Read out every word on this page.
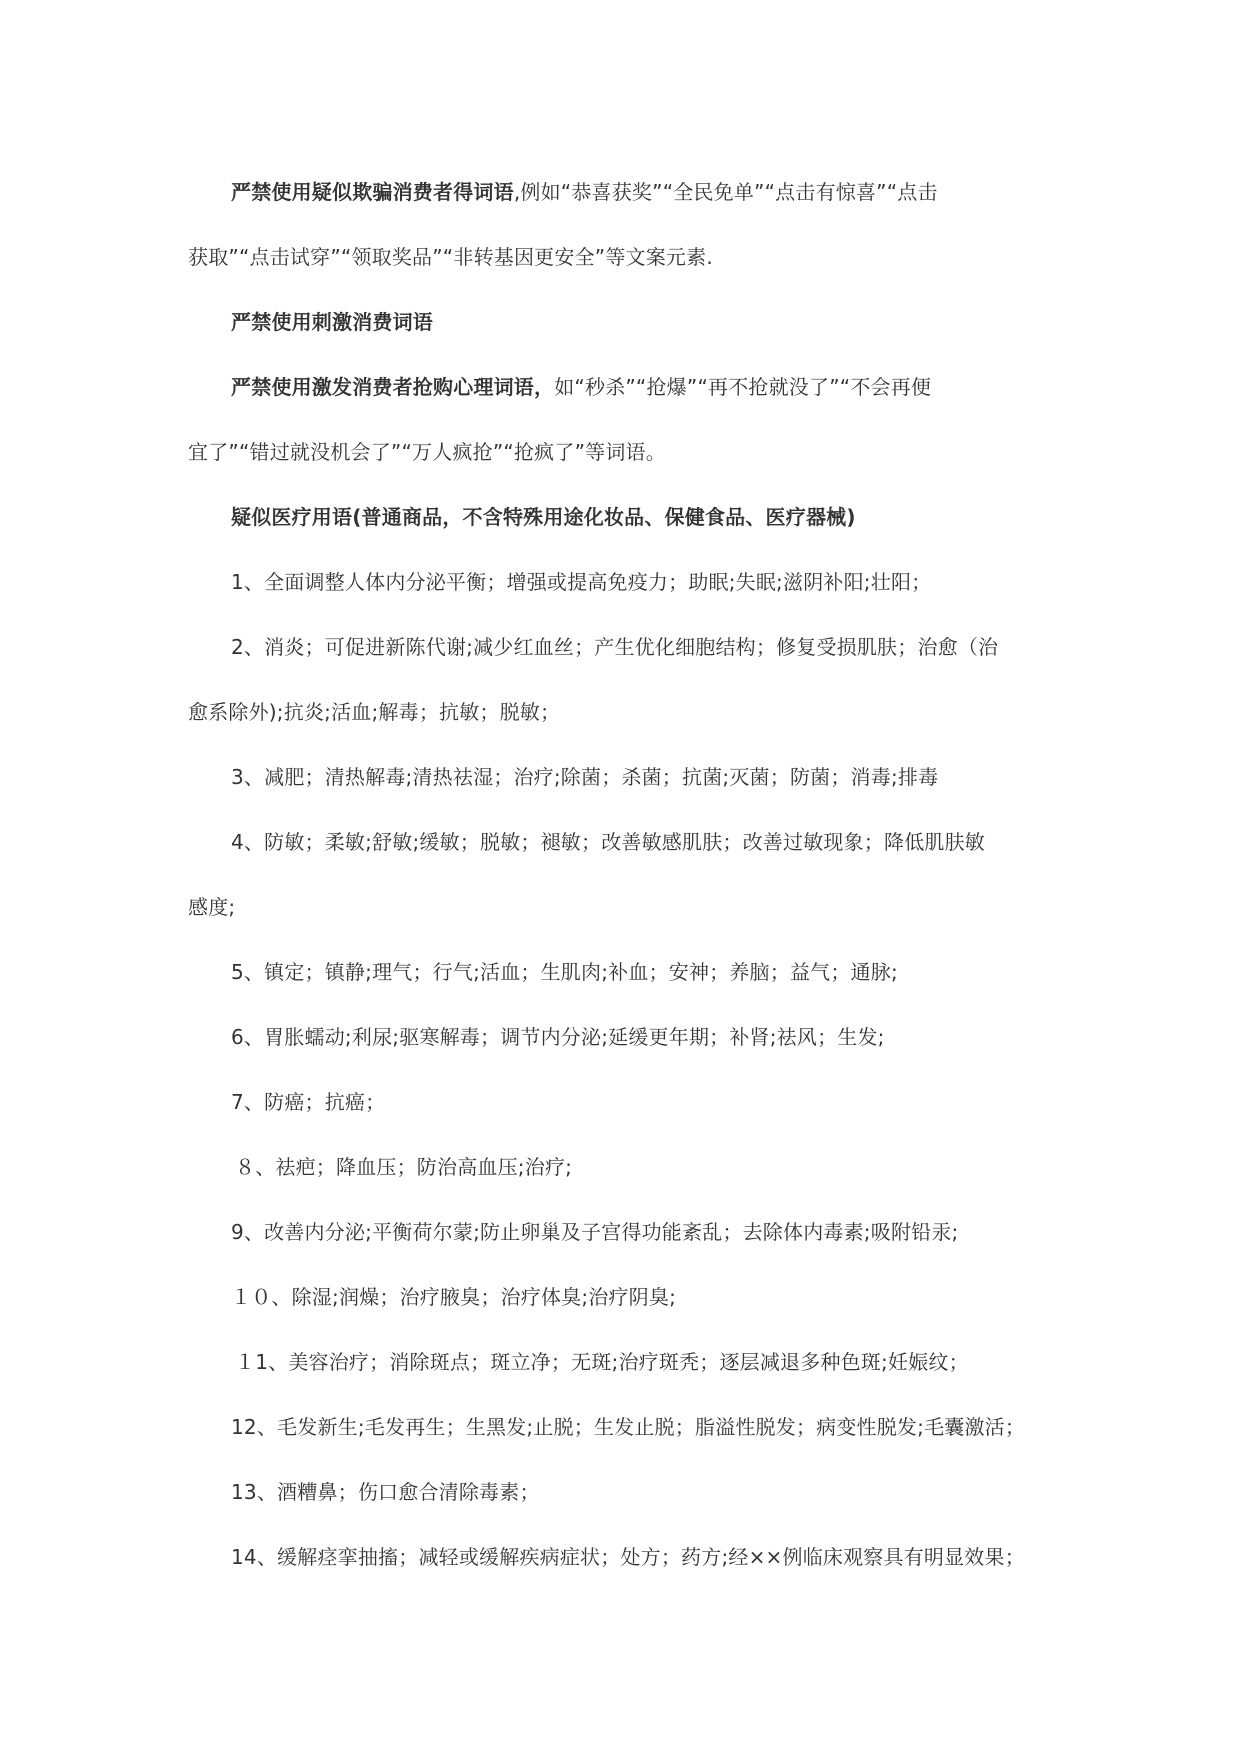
严禁使用疑似欺骗消费者得词语,例如“恭喜获奖”“全民免单”“点击有惊喜”“点击
获取”“点击试穿”“领取奖品”“非转基因更安全”等文案元素.
严禁使用刺激消费词语
严禁使用激发消费者抢购心理词语，如“秒杀”“抢爆”“再不抢就没了”“不会再便
宜了”“错过就没机会了”“万人疯抢”“抢疯了”等词语。
疑似医疗用语(普通商品，不含特殊用途化妆品、保健食品、医疗器械)
1、全面调整人体内分泌平衡；增强或提高免疫力；助眠;失眠;滋阴补阳;壮阳；
2、消炎；可促进新陈代谢;减少红血丝；产生优化细胞结构；修复受损肌肤；治愈（治
愈系除外);抗炎;活血;解毒；抗敏；脱敏；
3、减肥；清热解毒;清热祛湿；治疗;除菌；杀菌；抗菌;灭菌；防菌；消毒;排毒
4、防敏；柔敏;舒敏;缓敏；脱敏；褪敏；改善敏感肌肤；改善过敏现象；降低肌肤敏
感度;
5、镇定；镇静;理气；行气;活血；生肌肉;补血；安神；养脑；益气；通脉;
6、胃胀蠕动;利尿;驱寒解毒；调节内分泌;延缓更年期；补肾;祛风；生发;
7、防癌；抗癌；
８、祛疤；降血压；防治高血压;治疗;
9、改善内分泌;平衡荷尔蒙;防止卵巢及子宫得功能紊乱；去除体内毒素;吸附铅汞;
１０、除湿;润燥；治疗腋臭；治疗体臭;治疗阴臭;
１1、美容治疗；消除斑点；斑立净；无斑;治疗斑秃；逐层减退多种色斑;妊娠纹；
12、毛发新生;毛发再生；生黑发;止脱；生发止脱；脂溢性脱发；病变性脱发;毛囊激活；
13、酒糟鼻；伤口愈合清除毒素；
14、缓解痉挛抽搐；减轻或缓解疾病症状；处方；药方;经××例临床观察具有明显效果；
